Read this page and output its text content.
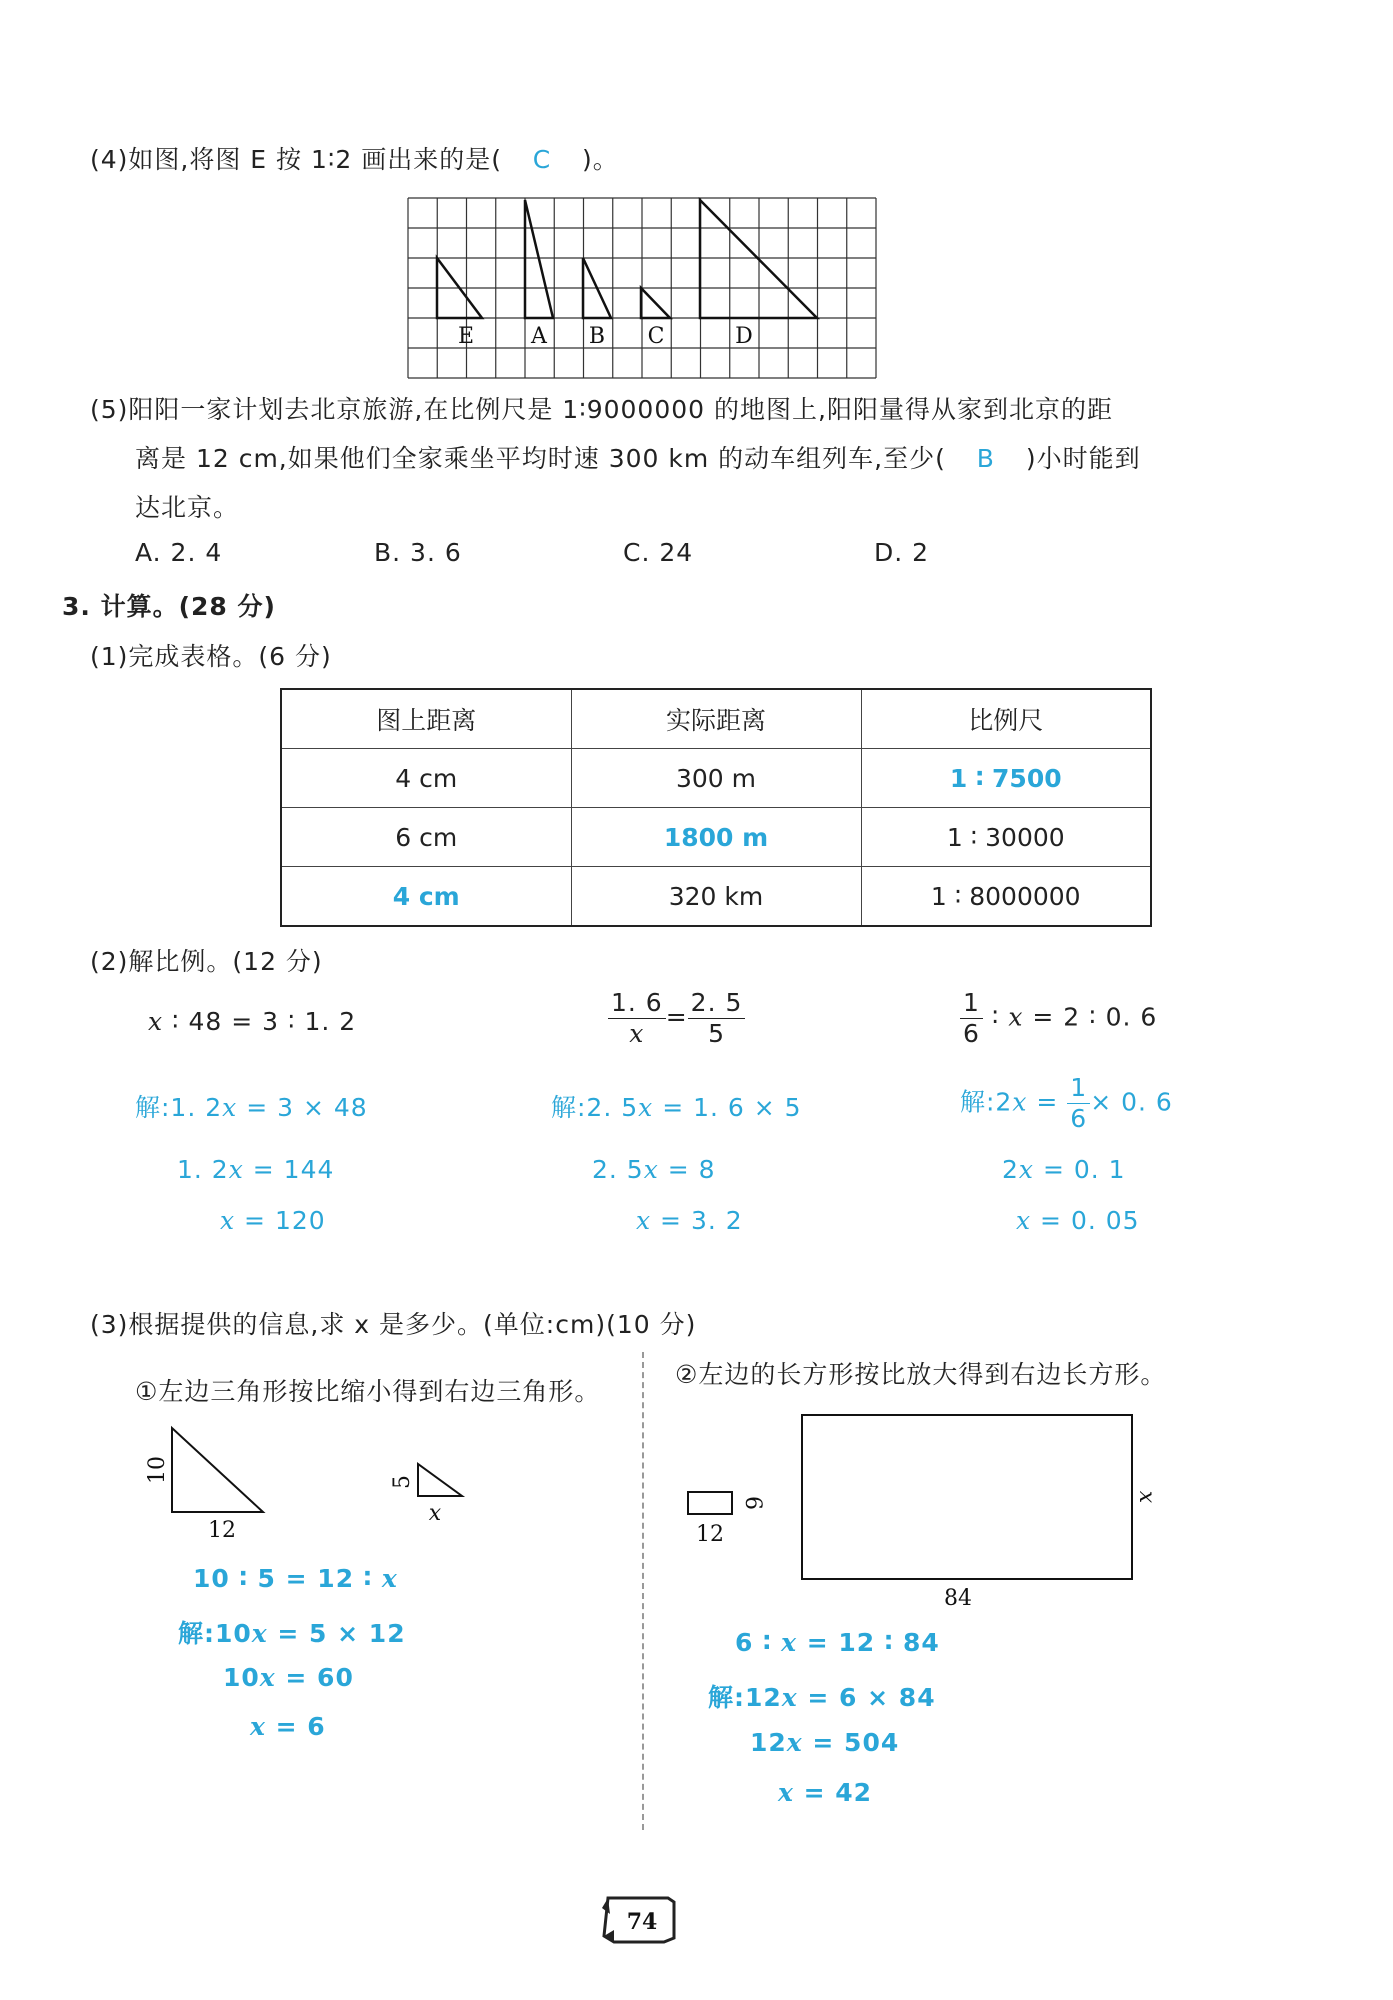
(4)如图,将图 E 按 1∶2 画出来的是( C )。
E	A B C	D
(5)阳阳一家计划去北京旅游,在比例尺是 1∶9000000 的地图上,阳阳量得从家到北京的距
离是 12 cm,如果他们全家乘坐平均时速 300 km 的动车组列车,至少( B )小时能到
达北京。
A. 2. 4	B. 3. 6	C. 24	D. 2
3. 计算。(28 分)
(1)完成表格。(6 分)
图上距离	实际距离	比例尺
4 cm	300 m	1 ∶ 7500
6 cm	1800 m	1 ∶ 30000
4 cm	320 km	1 ∶ 8000000
(2)解比例。(12 分)
x ∶ 48 = 3 ∶ 1. 2
解:1. 2x = 3 × 48
1. 2x = 144
x = 120
$\frac{1. 6}{x} = \frac{2. 5}{5}$
解:2. 5x = 1. 6 × 5
2. 5x = 8
x = 3. 2
$\frac{1}{6}$ ∶ x = 2 ∶ 0. 6
解:2x = $\frac{1}{6} \times 0$. 6
2x = 0. 1
x = 0. 05
(3)根据提供的信息,求 x 是多少。(单位:cm)(10 分)
①左边三角形按比缩小得到右边三角形。
②左边的长方形按比放大得到右边长方形。
10
12
5
x
10 ∶ 5 = 12 ∶ x
解:10x = 5 × 12
10x = 60
x = 6
6
12
x
84
6 ∶ x = 12 ∶ 84
解:12x = 6 × 84
12x = 504
x = 42
74
